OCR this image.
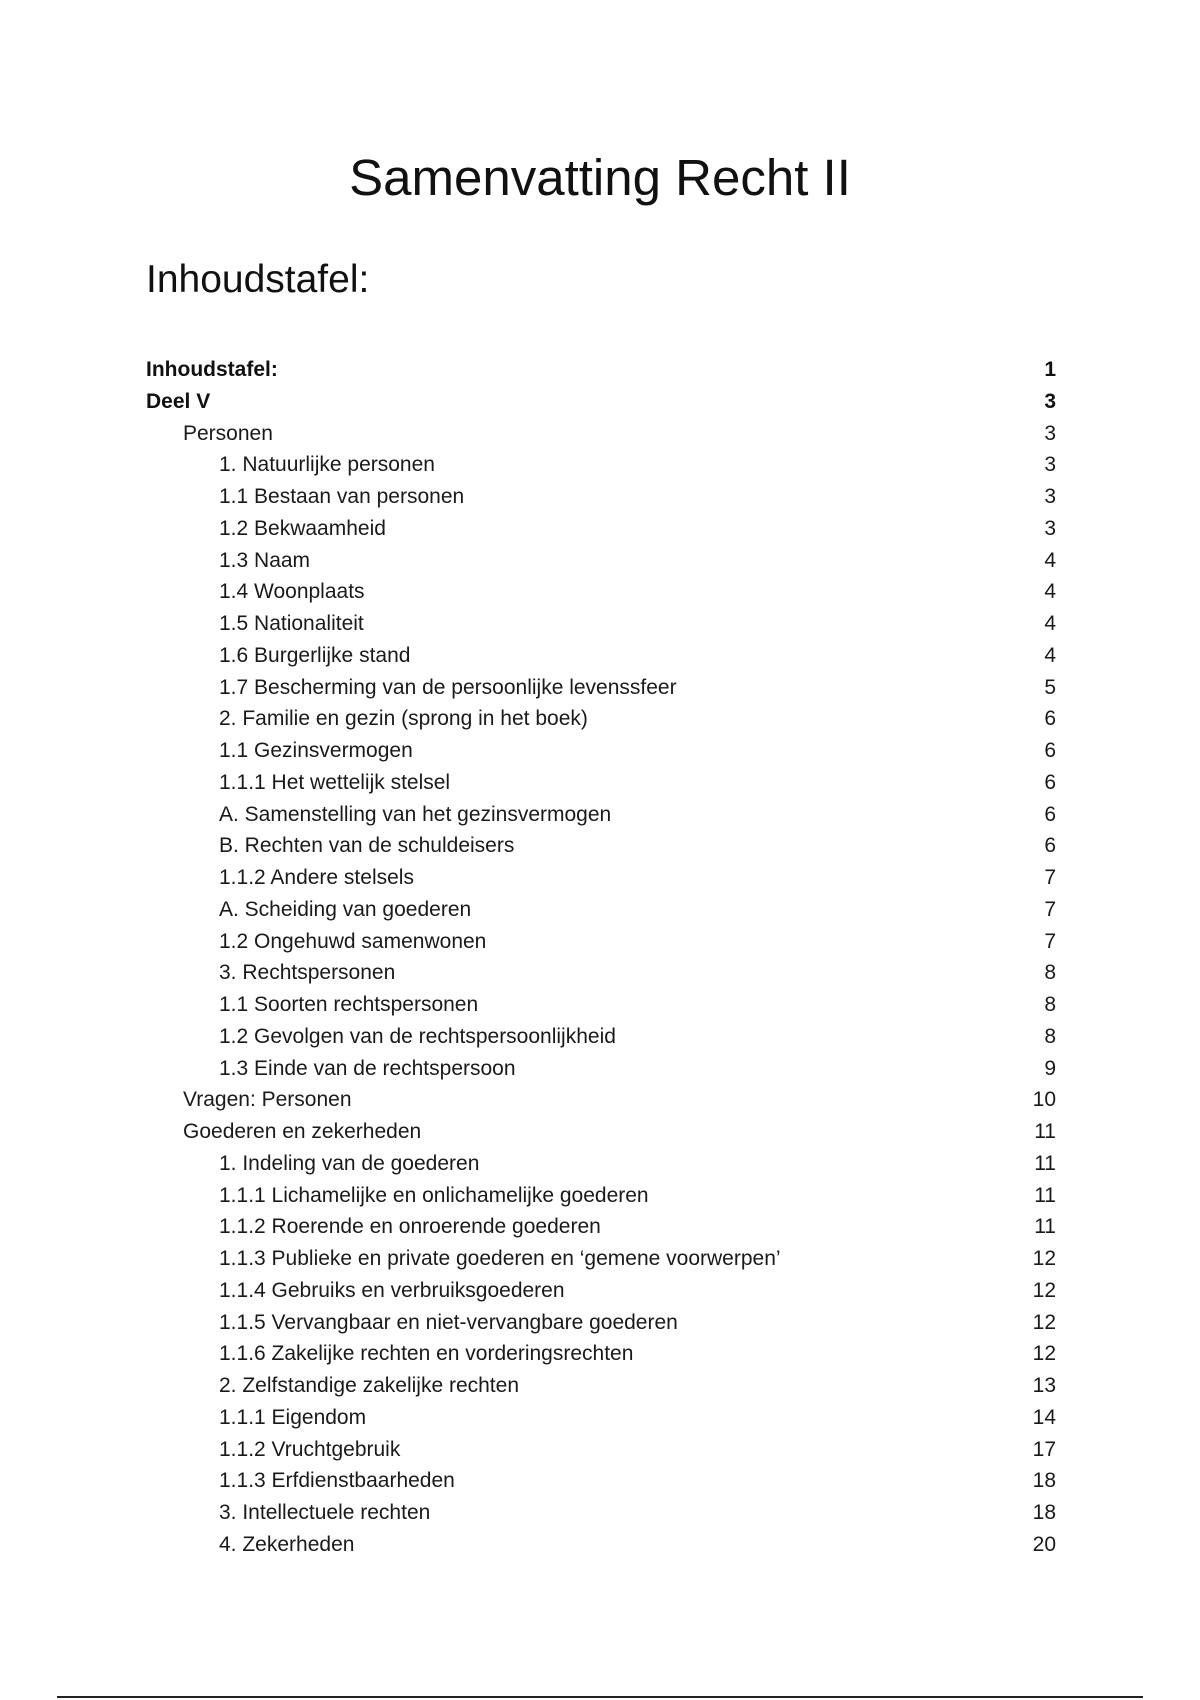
Samenvatting Recht II
Inhoudstafel:
Inhoudstafel:	1
Deel V	3
Personen	3
1. Natuurlijke personen	3
1.1 Bestaan van personen	3
1.2 Bekwaamheid	3
1.3 Naam	4
1.4 Woonplaats	4
1.5 Nationaliteit	4
1.6 Burgerlijke stand	4
1.7 Bescherming van de persoonlijke levenssfeer	5
2. Familie en gezin (sprong in het boek)	6
1.1 Gezinsvermogen	6
1.1.1 Het wettelijk stelsel	6
A. Samenstelling van het gezinsvermogen	6
B. Rechten van de schuldeisers	6
1.1.2 Andere stelsels	7
A. Scheiding van goederen	7
1.2 Ongehuwd samenwonen	7
3. Rechtspersonen	8
1.1 Soorten rechtspersonen	8
1.2 Gevolgen van de rechtspersoonlijkheid	8
1.3 Einde van de rechtspersoon	9
Vragen: Personen	10
Goederen en zekerheden	11
1. Indeling van de goederen	11
1.1.1 Lichamelijke en onlichamelijke goederen	11
1.1.2 Roerende en onroerende goederen	11
1.1.3 Publieke en private goederen en ‘gemene voorwerpen’	12
1.1.4 Gebruiks en verbruiksgoederen	12
1.1.5 Vervangbaar en niet-vervangbare goederen	12
1.1.6 Zakelijke rechten en vorderingsrechten	12
2. Zelfstandige zakelijke rechten	13
1.1.1 Eigendom	14
1.1.2 Vruchtgebruik	17
1.1.3 Erfdienstbaarheden	18
3. Intellectuele rechten	18
4. Zekerheden	20
